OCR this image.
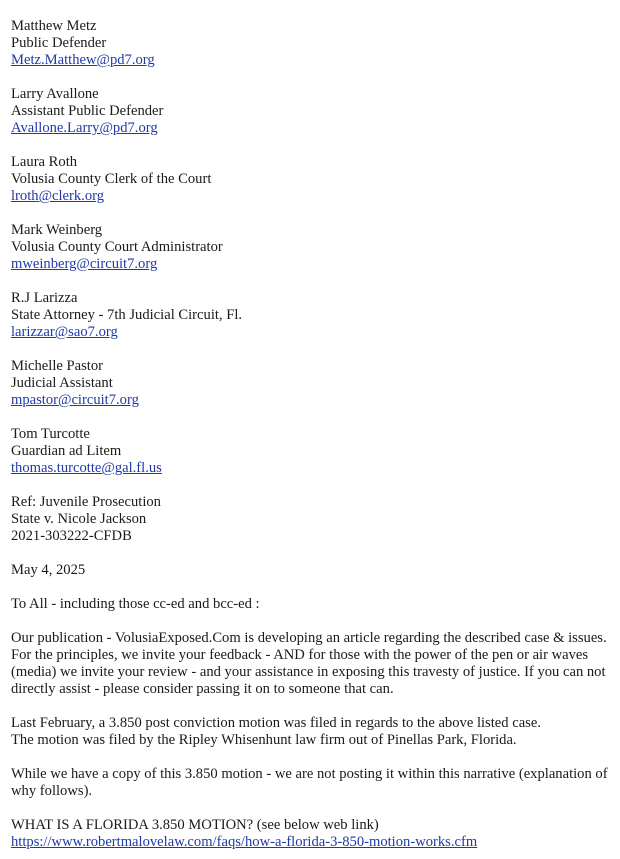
Matthew Metz
Public Defender
Metz.Matthew@pd7.org
Larry Avallone
Assistant Public Defender
Avallone.Larry@pd7.org
Laura Roth
Volusia County Clerk of the Court
lroth@clerk.org
Mark Weinberg
Volusia County Court Administrator
mweinberg@circuit7.org
R.J Larizza
State Attorney - 7th Judicial Circuit, Fl.
larizzar@sao7.org
Michelle Pastor
Judicial Assistant
mpastor@circuit7.org
Tom Turcotte
Guardian ad Litem
thomas.turcotte@gal.fl.us
Ref: Juvenile Prosecution
State v. Nicole Jackson
2021-303222-CFDB

May 4, 2025

To All - including those cc-ed and bcc-ed :

Our publication - VolusiaExposed.Com is developing an article regarding the described case & issues. For the principles, we invite your feedback - AND for those with the power of the pen or air waves (media) we invite your review - and your assistance in exposing this travesty of justice. If you can not directly assist - please consider passing it on to someone that can.

Last February, a 3.850 post conviction motion was filed in regards to the above listed case.
The motion was filed by the Ripley Whisenhunt law firm out of Pinellas Park, Florida.

While we have a copy of this 3.850 motion - we are not posting it within this narrative (explanation of why follows).

WHAT IS A FLORIDA 3.850 MOTION? (see below web link)
https://www.robertmalovelaw.com/faqs/how-a-florida-3-850-motion-works.cfm
